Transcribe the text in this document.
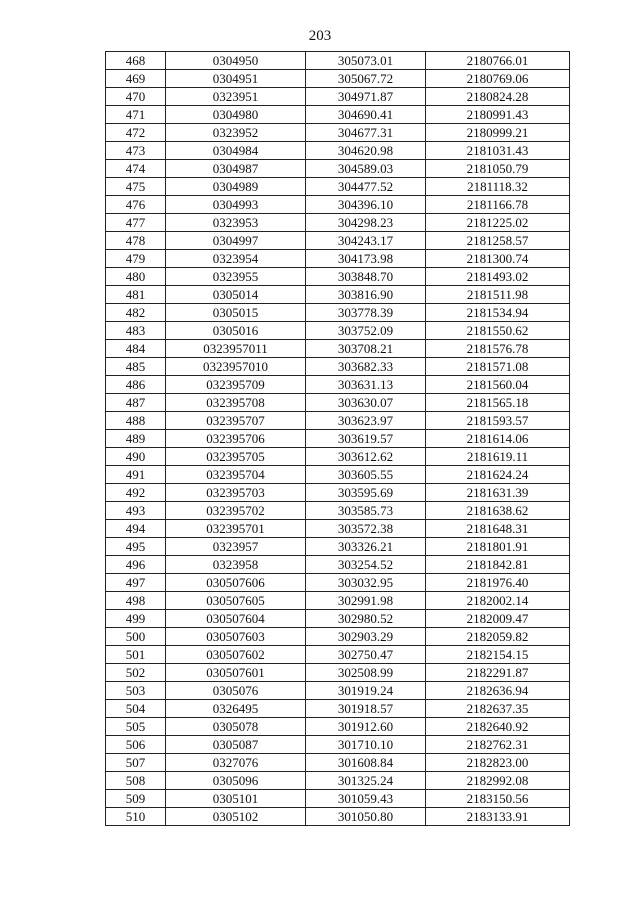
203
468	0304950	305073.01	2180766.01
469	0304951	305067.72	2180769.06
470	0323951	304971.87	2180824.28
471	0304980	304690.41	2180991.43
472	0323952	304677.31	2180999.21
473	0304984	304620.98	2181031.43
474	0304987	304589.03	2181050.79
475	0304989	304477.52	2181118.32
476	0304993	304396.10	2181166.78
477	0323953	304298.23	2181225.02
478	0304997	304243.17	2181258.57
479	0323954	304173.98	2181300.74
480	0323955	303848.70	2181493.02
481	0305014	303816.90	2181511.98
482	0305015	303778.39	2181534.94
483	0305016	303752.09	2181550.62
484	0323957011	303708.21	2181576.78
485	0323957010	303682.33	2181571.08
486	032395709	303631.13	2181560.04
487	032395708	303630.07	2181565.18
488	032395707	303623.97	2181593.57
489	032395706	303619.57	2181614.06
490	032395705	303612.62	2181619.11
491	032395704	303605.55	2181624.24
492	032395703	303595.69	2181631.39
493	032395702	303585.73	2181638.62
494	032395701	303572.38	2181648.31
495	0323957	303326.21	2181801.91
496	0323958	303254.52	2181842.81
497	030507606	303032.95	2181976.40
498	030507605	302991.98	2182002.14
499	030507604	302980.52	2182009.47
500	030507603	302903.29	2182059.82
501	030507602	302750.47	2182154.15
502	030507601	302508.99	2182291.87
503	0305076	301919.24	2182636.94
504	0326495	301918.57	2182637.35
505	0305078	301912.60	2182640.92
506	0305087	301710.10	2182762.31
507	0327076	301608.84	2182823.00
508	0305096	301325.24	2182992.08
509	0305101	301059.43	2183150.56
510	0305102	301050.80	2183133.91
